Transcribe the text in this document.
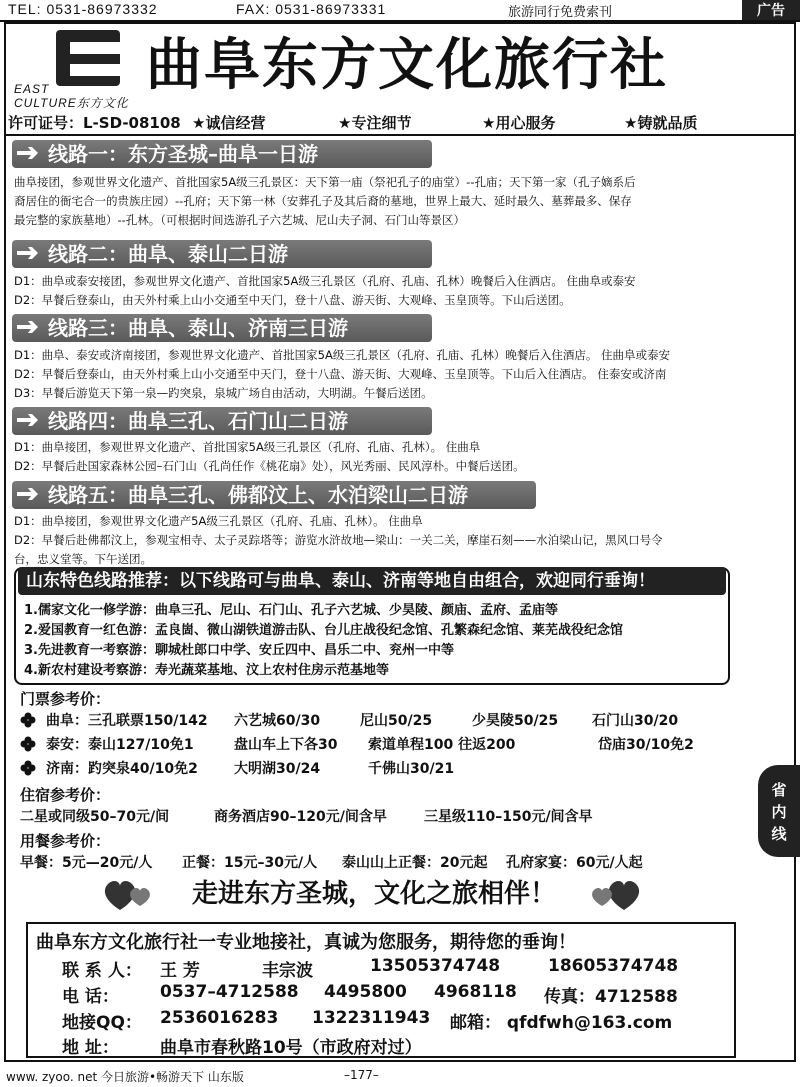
TEL: 0531-86973332	FAX: 0531-86973331	旅游同行免费索刊	广告
EAST
CULTURE东方文化
曲阜东方文化旅行社
许可证号：L-SD-08108 ★诚信经营	★专注细节	★用心服务	★铸就品质
线路一：东方圣城–曲阜一日游
曲阜接团，参观世界文化遗产、首批国家5A级三孔景区：天下第一庙（祭祀孔子的庙堂）--孔庙；天下第一家（孔子嫡系后
裔居住的衙宅合一的贵族庄园）--孔府；天下第一林（安葬孔子及其后裔的墓地，世界上最大、延时最久、墓葬最多、保存
最完整的家族墓地）--孔林。（可根据时间选游孔子六艺城、尼山夫子洞、石门山等景区）
线路二：曲阜、泰山二日游
D1：曲阜或泰安接团，参观世界文化遗产、首批国家5A级三孔景区（孔府、孔庙、孔林）晚餐后入住酒店。 住曲阜或泰安
D2：早餐后登泰山，由天外村乘上山小交通至中天门，登十八盘、游天街、大观峰、玉皇顶等。下山后送团。
线路三：曲阜、泰山、济南三日游
D1：曲阜、泰安或济南接团，参观世界文化遗产、首批国家5A级三孔景区（孔府、孔庙、孔林）晚餐后入住酒店。 住曲阜或泰安
D2：早餐后登泰山，由天外村乘上山小交通至中天门，登十八盘、游天街、大观峰、玉皇顶等。下山后入住酒店。 住泰安或济南
D3：早餐后游览天下第一泉—趵突泉，泉城广场自由活动，大明湖。午餐后送团。
线路四：曲阜三孔、石门山二日游
D1：曲阜接团，参观世界文化遗产、首批国家5A级三孔景区（孔府、孔庙、孔林）。 住曲阜
D2：早餐后赴国家森林公园–石门山（孔尚任作《桃花扇》处），风光秀丽、民风淳朴。中餐后送团。
线路五：曲阜三孔、佛都汶上、水泊梁山二日游
D1：曲阜接团，参观世界文化遗产5A级三孔景区（孔府、孔庙、孔林）。 住曲阜
D2：早餐后赴佛都汶上，参观宝相寺、太子灵踪塔等；游览水浒故地—梁山：一关二关，摩崖石刻——水泊梁山记，黑风口号令
台，忠义堂等。下午送团。
山东特色线路推荐：以下线路可与曲阜、泰山、济南等地自由组合，欢迎同行垂询！
1.儒家文化一修学游：曲阜三孔、尼山、石门山、孔子六艺城、少昊陵、颜庙、孟府、孟庙等
2.爱国教育一红色游：孟良崮、微山湖铁道游击队、台儿庄战役纪念馆、孔繁森纪念馆、莱芜战役纪念馆
3.先进教育一考察游：聊城杜郎口中学、安丘四中、昌乐二中、兖州一中等
4.新农村建设考察游：寿光蔬菜基地、汶上农村住房示范基地等
门票参考价：
曲阜：三孔联票150/142 六艺城60/30	尼山50/25	少昊陵50/25 石门山30/20
泰安：泰山127/10免1	盘山车上下各30 索道单程100 往返200	岱庙30/10免2
济南：趵突泉40/10免2	大明湖30/24	千佛山30/21
住宿参考价：
二星或同级50–70元/间	商务酒店90–120元/间含早	三星级110–150元/间含早
用餐参考价：
早餐：5元—20元/人 正餐：15元–30元/人 泰山山上正餐：20元起 孔府家宴：60元/人起
省
内
线
走进东方圣城，文化之旅相伴！
曲阜东方文化旅行社一专业地接社，真诚为您服务，期待您的垂询！
联 系 人： 王 芳	丰宗波	13505374748	18605374748
电 话： 0537–4712588 4495800 4968118 传真：4712588
地接QQ： 2536016283 1322311943 邮箱： qfdfwh@163.com
地 址： 曲阜市春秋路10号（市政府对过）
www. zyoo. net 今日旅游•畅游天下 山东版	–177–
